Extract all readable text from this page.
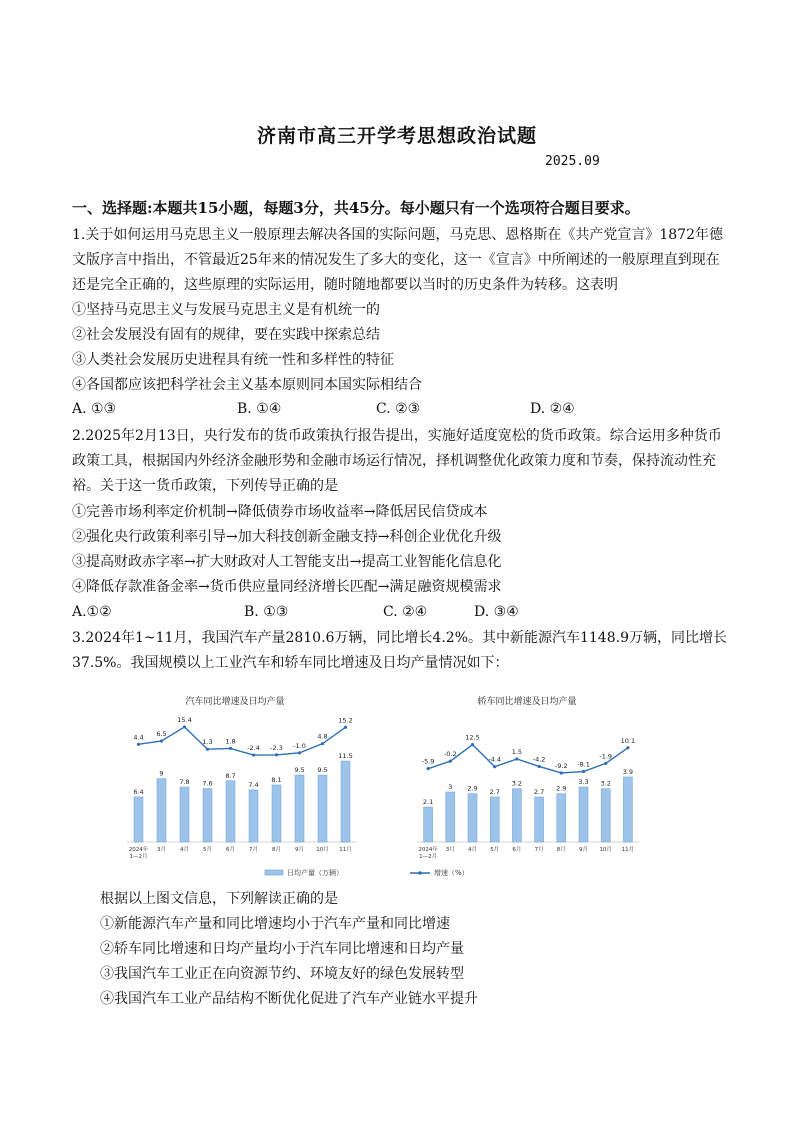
济南市高三开学考思想政治试题
2025.09
一、选择题:本题共15小题，每题3分，共45分。每小题只有一个选项符合题目要求。
1.关于如何运用马克思主义一般原理去解决各国的实际问题，马克思、恩格斯在《共产党宣言》1872年德
文版序言中指出，不管最近25年来的情况发生了多大的变化，这一《宣言》中所阐述的一般原理直到现在
还是完全正确的，这些原理的实际运用，随时随地都要以当时的历史条件为转移。这表明
①坚持马克思主义与发展马克思主义是有机统一的
②社会发展没有固有的规律，要在实践中探索总结
③人类社会发展历史进程具有统一性和多样性的特征
④各国都应该把科学社会主义基本原则同本国实际相结合
A. ①③	B. ①④	C. ②③	D. ②④
2.2025年2月13日，央行发布的货币政策执行报告提出，实施好适度宽松的货币政策。综合运用多种货币
政策工具，根据国内外经济金融形势和金融市场运行情况，择机调整优化政策力度和节奏，保持流动性充
裕。关于这一货币政策，下列传导正确的是
①完善市场利率定价机制→降低债券市场收益率→降低居民信贷成本
②强化央行政策利率引导→加大科技创新金融支持→科创企业优化升级
③提高财政赤字率→扩大财政对人工智能支出→提高工业智能化信息化
④降低存款准备金率→货币供应量同经济增长匹配→满足融资规模需求
A.①②	B. ①③	C. ②④	D. ③④
3.2024年1~11月，我国汽车产量2810.6万辆，同比增长4.2%。其中新能源汽车1148.9万辆，同比增长
37.5%。我国规模以上工业汽车和轿车同比增速及日均产量情况如下：
汽车同比增速及日均产量	轿车同比增速及日均产量
6.4
4.4
2024年
1—2月
9
6.5
3月
7.8
15.4
4月
7.6
1.3
5月
8.7
1.8
6月
7.4
-2.4
7月
8.1
-2.3
8月
9.5
-1.0
9月
9.5
4.8
10月
11.5
15.2
11月
2.1
-5.9
2024年
1—2月
3
-0.2
3月
2.9
12.5
4月
2.7
-4.4
5月
3.2
1.5
6月
2.7
-4.2
7月
2.9
-9.2
8月
3.3
-8.1
9月
3.2
-1.9
10月
3.9
10.1
11月
日均产量（万辆）	增速（%）
根据以上图文信息，下列解读正确的是
①新能源汽车产量和同比增速均小于汽车产量和同比增速
②轿车同比增速和日均产量均小于汽车同比增速和日均产量
③我国汽车工业正在向资源节约、环境友好的绿色发展转型
④我国汽车工业产品结构不断优化促进了汽车产业链水平提升
